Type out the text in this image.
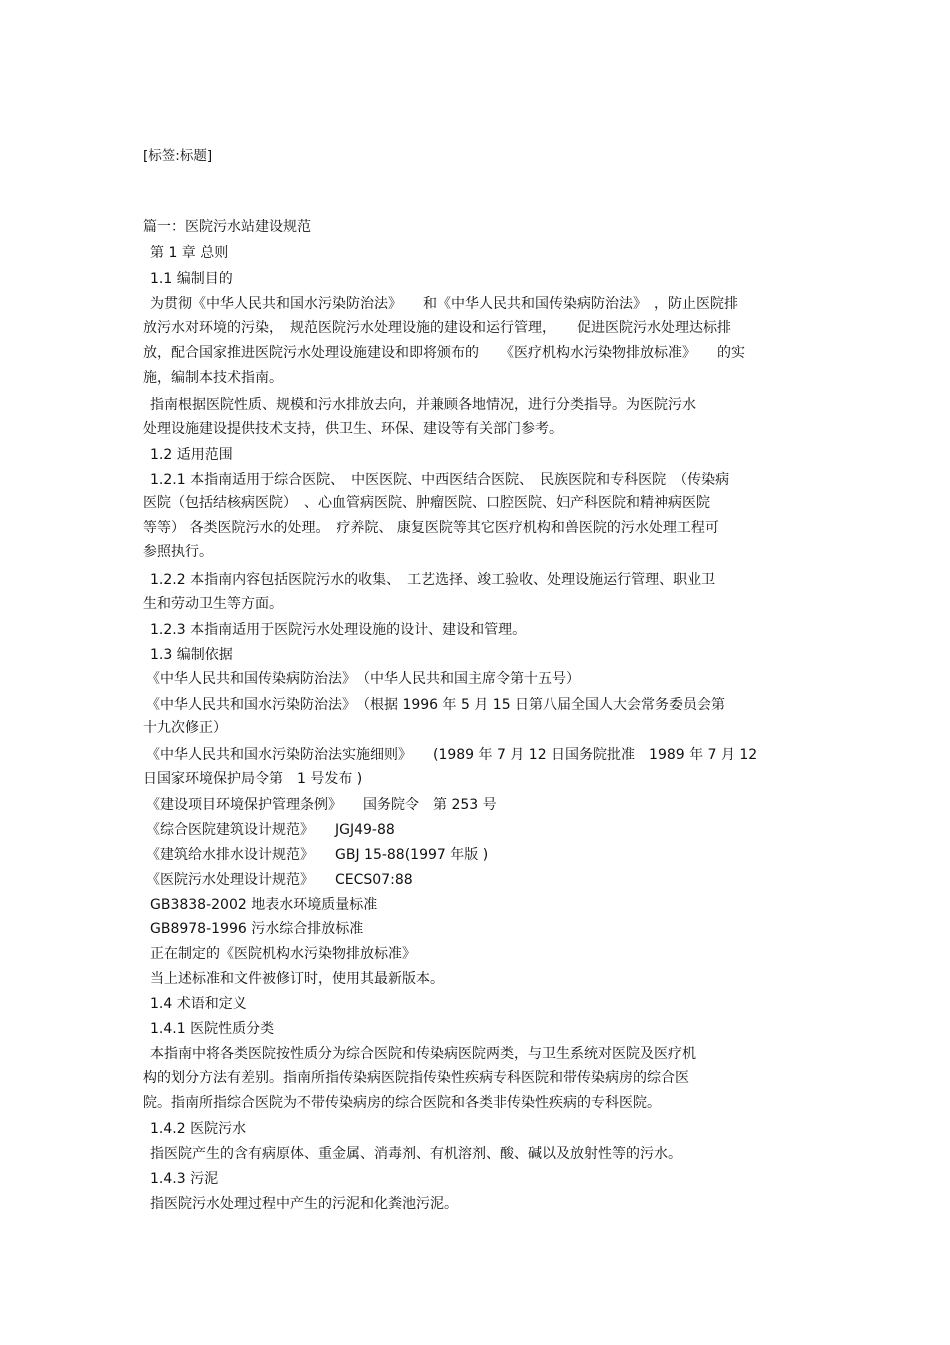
[标签:标题]

篇一：医院污水站建设规范

第 1 章 总则

1.1 编制目的

为贯彻《中华人民共和国水污染防治法》　　和《中华人民共和国传染病防治法》　，防止医院排

放污水对环境的污染，　规范医院污水处理设施的建设和运行管理，　　促进医院污水处理达标排

放，配合国家推进医院污水处理设施建设和即将颁布的　　《医疗机构水污染物排放标准》　　的实

施，编制本技术指南。

指南根据医院性质、规模和污水排放去向，并兼顾各地情况，进行分类指导。为医院污水

处理设施建设提供技术支持，供卫生、环保、建设等有关部门参考。

1.2 适用范围

1.2.1 本指南适用于综合医院、　中医医院、中西医结合医院、　民族医院和专科医院　（传染病

医院（包括结核病医院）　、心血管病医院、肿瘤医院、口腔医院、妇产科医院和精神病医院

等等） 各类医院污水的处理。　疗养院、 康复医院等其它医疗机构和兽医院的污水处理工程可

参照执行。

1.2.2 本指南内容包括医院污水的收集、　工艺选择、竣工验收、处理设施运行管理、职业卫

生和劳动卫生等方面。

1.2.3 本指南适用于医院污水处理设施的设计、建设和管理。

1.3 编制依据

《中华人民共和国传染病防治法》　（中华人民共和国主席令第十五号）

《中华人民共和国水污染防治法》　（根据 1996 年 5 月 15 日第八届全国人大会常务委员会第

十九次修正）

《中华人民共和国水污染防治法实施细则》　　(1989 年 7 月 12 日国务院批准　1989 年 7 月 12

日国家环境保护局令第　1 号发布 )

《建设项目环境保护管理条例》　　国务院令　第 253 号

《综合医院建筑设计规范》　　JGJ49-88

《建筑给水排水设计规范》　　GBJ 15-88(1997 年版 )

《医院污水处理设计规范》　　CECS07:88

GB3838-2002 地表水环境质量标准

GB8978-1996 污水综合排放标准

正在制定的《医院机构水污染物排放标准》

当上述标准和文件被修订时，使用其最新版本。

1.4 术语和定义

1.4.1 医院性质分类

本指南中将各类医院按性质分为综合医院和传染病医院两类，与卫生系统对医院及医疗机

构的划分方法有差别。指南所指传染病医院指传染性疾病专科医院和带传染病房的综合医

院。指南所指综合医院为不带传染病房的综合医院和各类非传染性疾病的专科医院。

1.4.2 医院污水

指医院产生的含有病原体、重金属、消毒剂、有机溶剂、酸、碱以及放射性等的污水。

1.4.3 污泥

指医院污水处理过程中产生的污泥和化粪池污泥。
